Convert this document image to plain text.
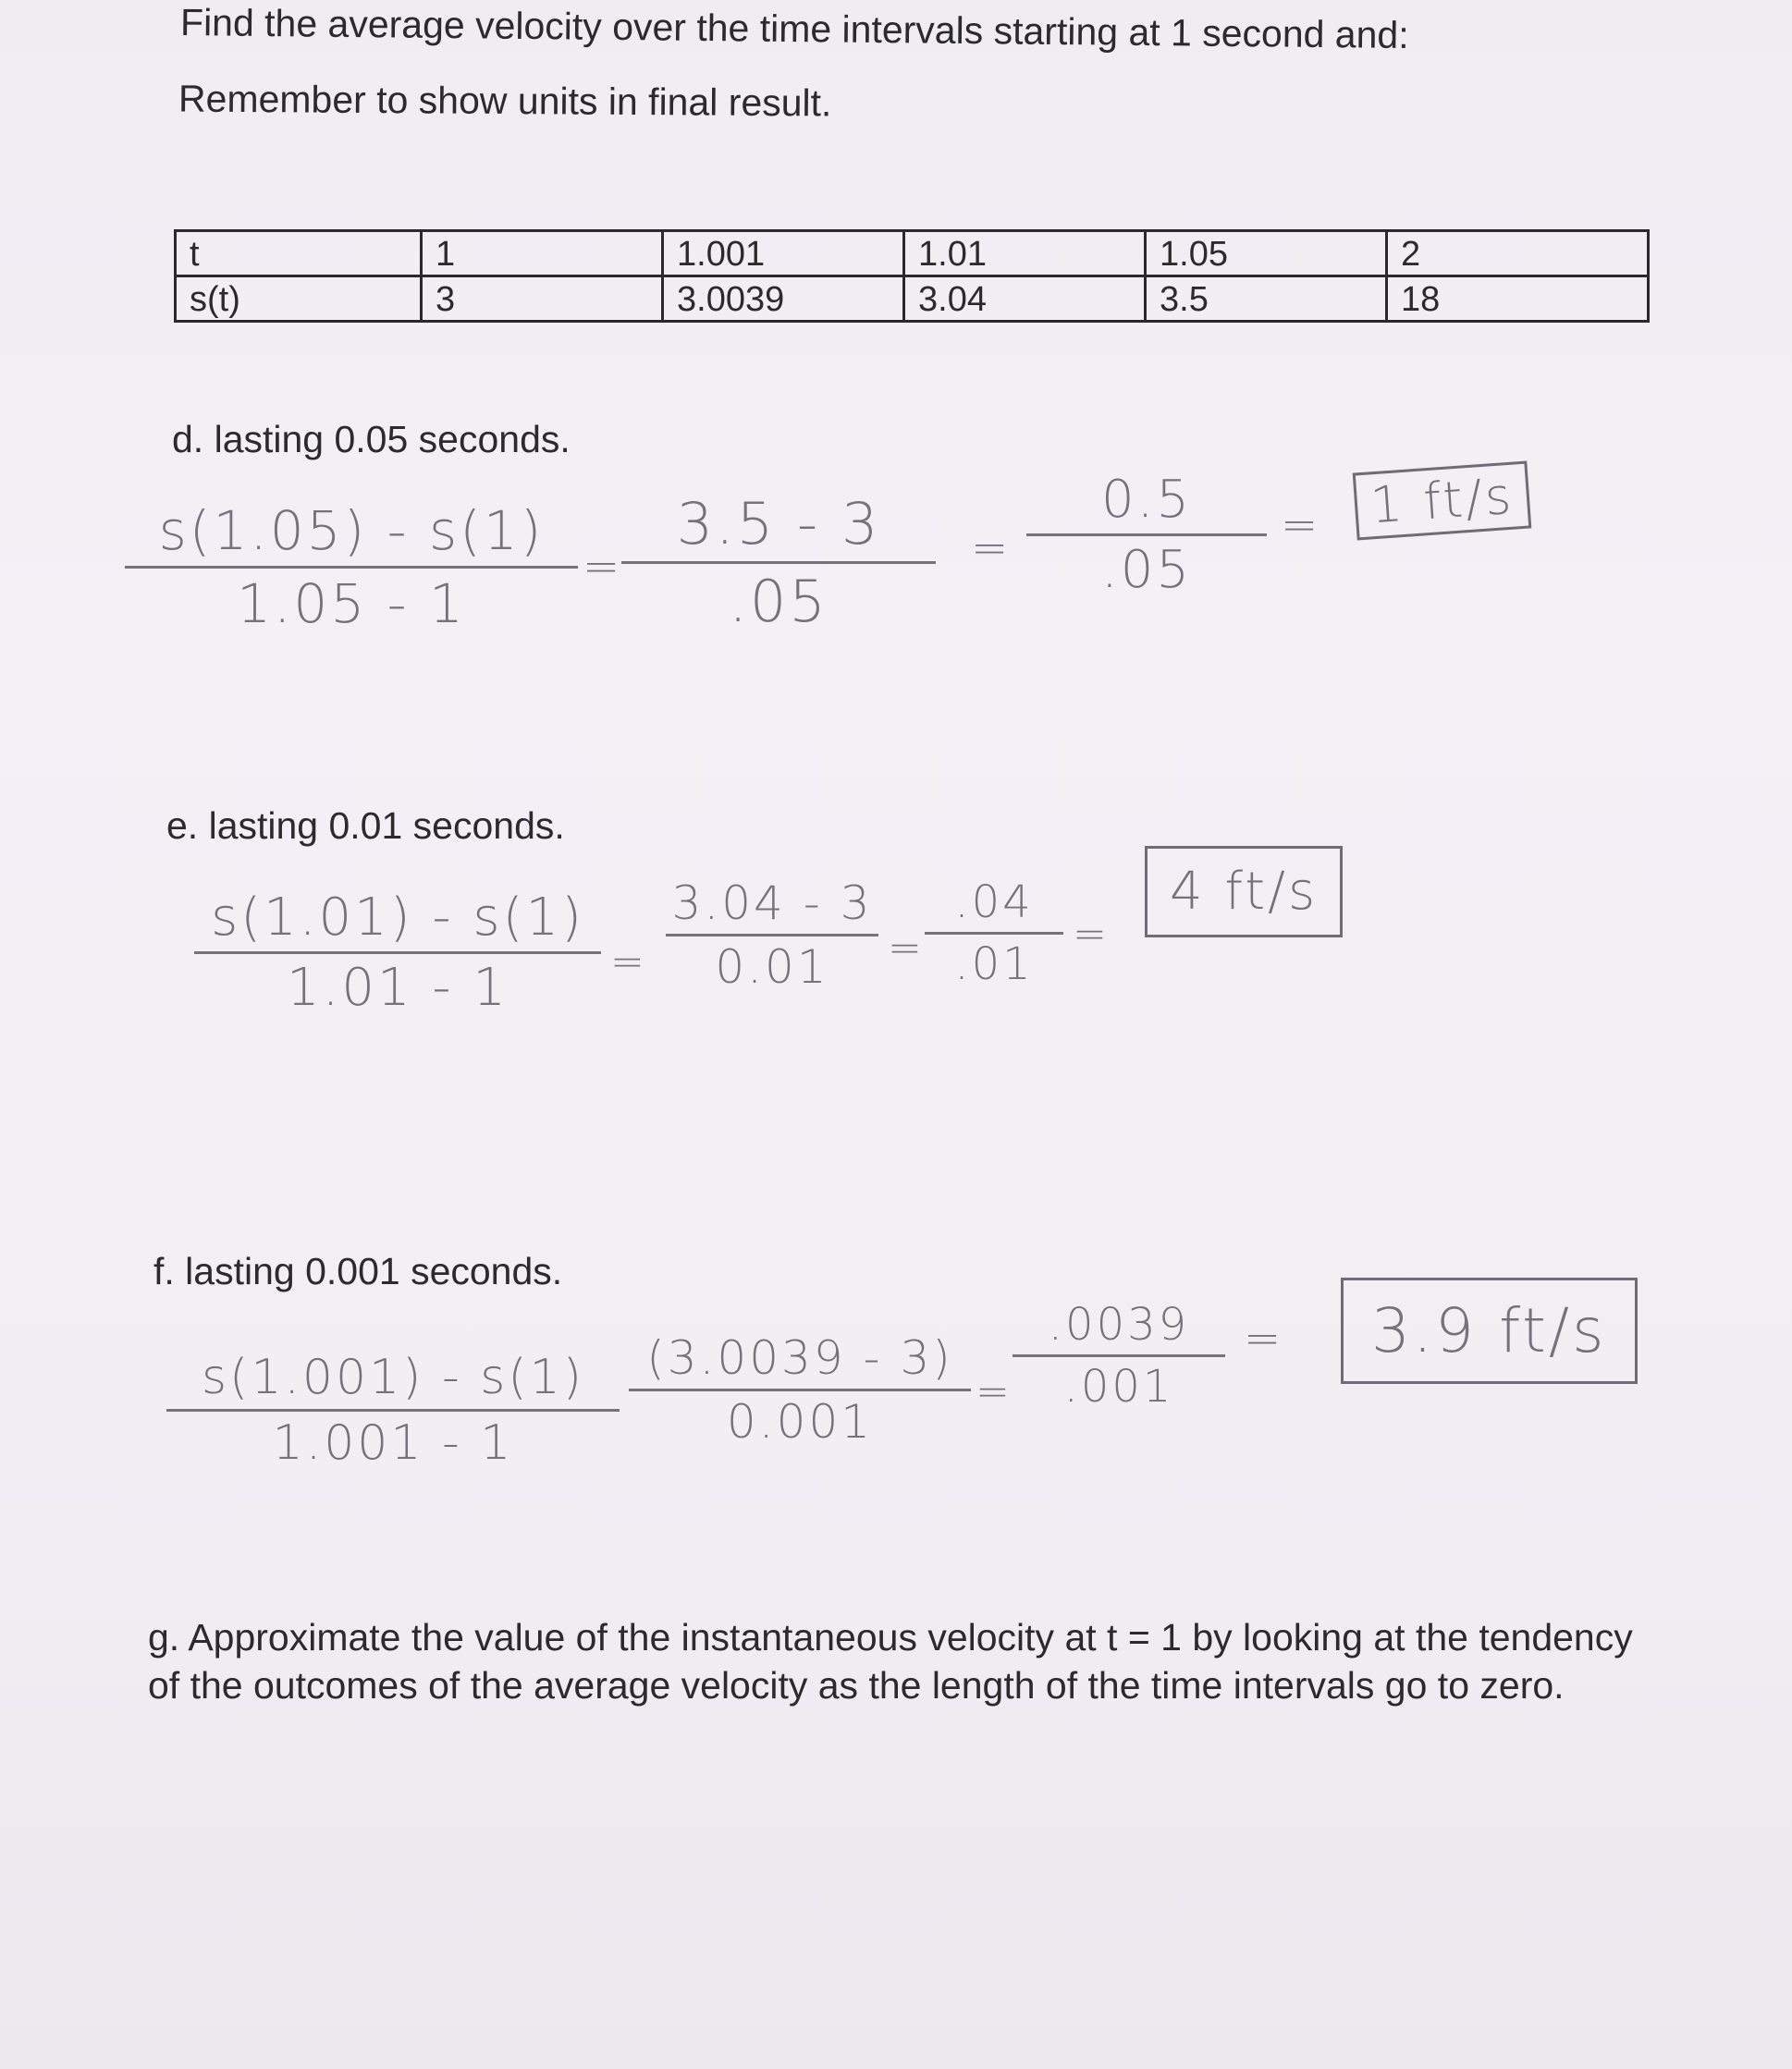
Find the average velocity over the time intervals starting at 1 second and:
Remember to show units in final result.
t	1	1.001	1.01	1.05	2
s(t)	3	3.0039	3.04	3.5	18
d. lasting 0.05 seconds.
s(1.05) - s(1)
1.05 - 1
=
3.5 - 3
.05
=
0.5
.05
= 1 ft/s
e. lasting 0.01 seconds.
s(1.01) - s(1)
1.01 - 1	=
3.04 - 3
0.01	=
.04
.01
=
4 ft/s
f. lasting 0.001 seconds.
s(1.001) - s(1)
1.001 - 1
(3.0039 - 3)
0.001
=
.0039
.001
=	3.9 ft/s
g. Approximate the value of the instantaneous velocity at t = 1 by looking at the tendency
of the outcomes of the average velocity as the length of the time intervals go to zero.
